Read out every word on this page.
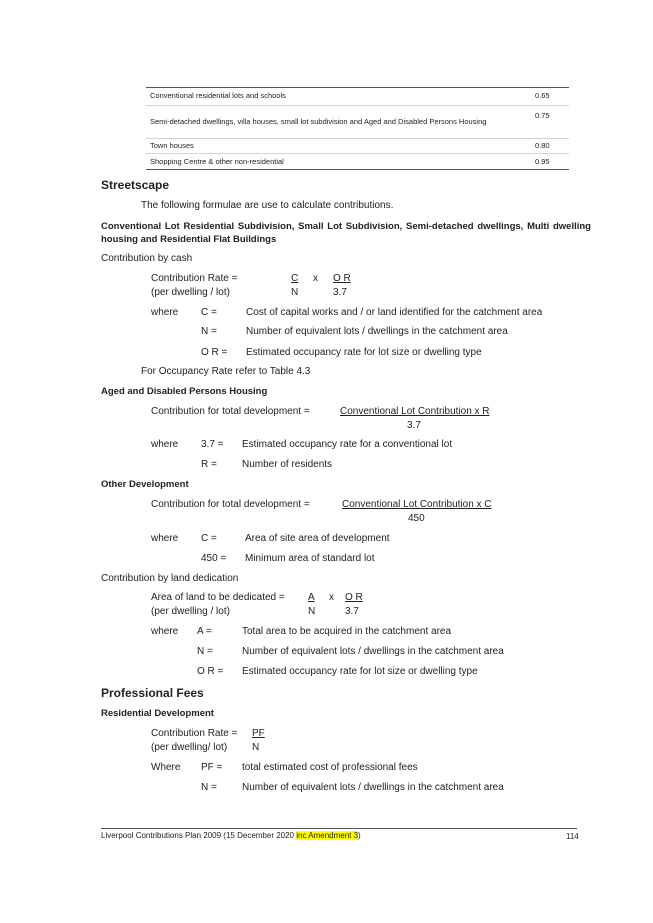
Conventional residential lots and schools	0.65
Semi-detached dwellings, villa houses, small lot subdivision and Aged and Disabled Persons Housing	0.75
Town houses	0.80
Shopping Centre & other non-residential	0.95
Streetscape
The following formulae are use to calculate contributions.
Conventional Lot Residential Subdivision, Small Lot Subdivision, Semi-detached dwellings, Multi dwelling housing and Residential Flat Buildings
Contribution by cash
Contribution Rate =
(per dwelling / lot)
C x O R
N	3.7
where C =	Cost of capital works and / or land identified for the catchment area
N =	Number of equivalent lots / dwellings in the catchment area
O R = Estimated occupancy rate for lot size or dwelling type
For Occupancy Rate refer to Table 4.3
Aged and Disabled Persons Housing
Contribution for total development =	Conventional Lot Contribution x R
3.7
where 3.7 = Estimated occupancy rate for a conventional lot
R =	Number of residents
Other Development
Contribution for total development =	Conventional Lot Contribution x C
450
where C =	Area of site area of development
450 = Minimum area of standard lot
Contribution by land dedication
Area of land to be dedicated =
(per dwelling / lot)
A x O R
N	3.7
where A =	Total area to be acquired in the catchment area
N =	Number of equivalent lots / dwellings in the catchment area
O R = Estimated occupancy rate for lot size or dwelling type
Professional Fees
Residential Development
Contribution Rate =
(per dwelling/ lot)
PF
N
Where PF = total estimated cost of professional fees
N =	Number of equivalent lots / dwellings in the catchment area
Liverpool Contributions Plan 2009 (15 December 2020 inc Amendment 3)	114
